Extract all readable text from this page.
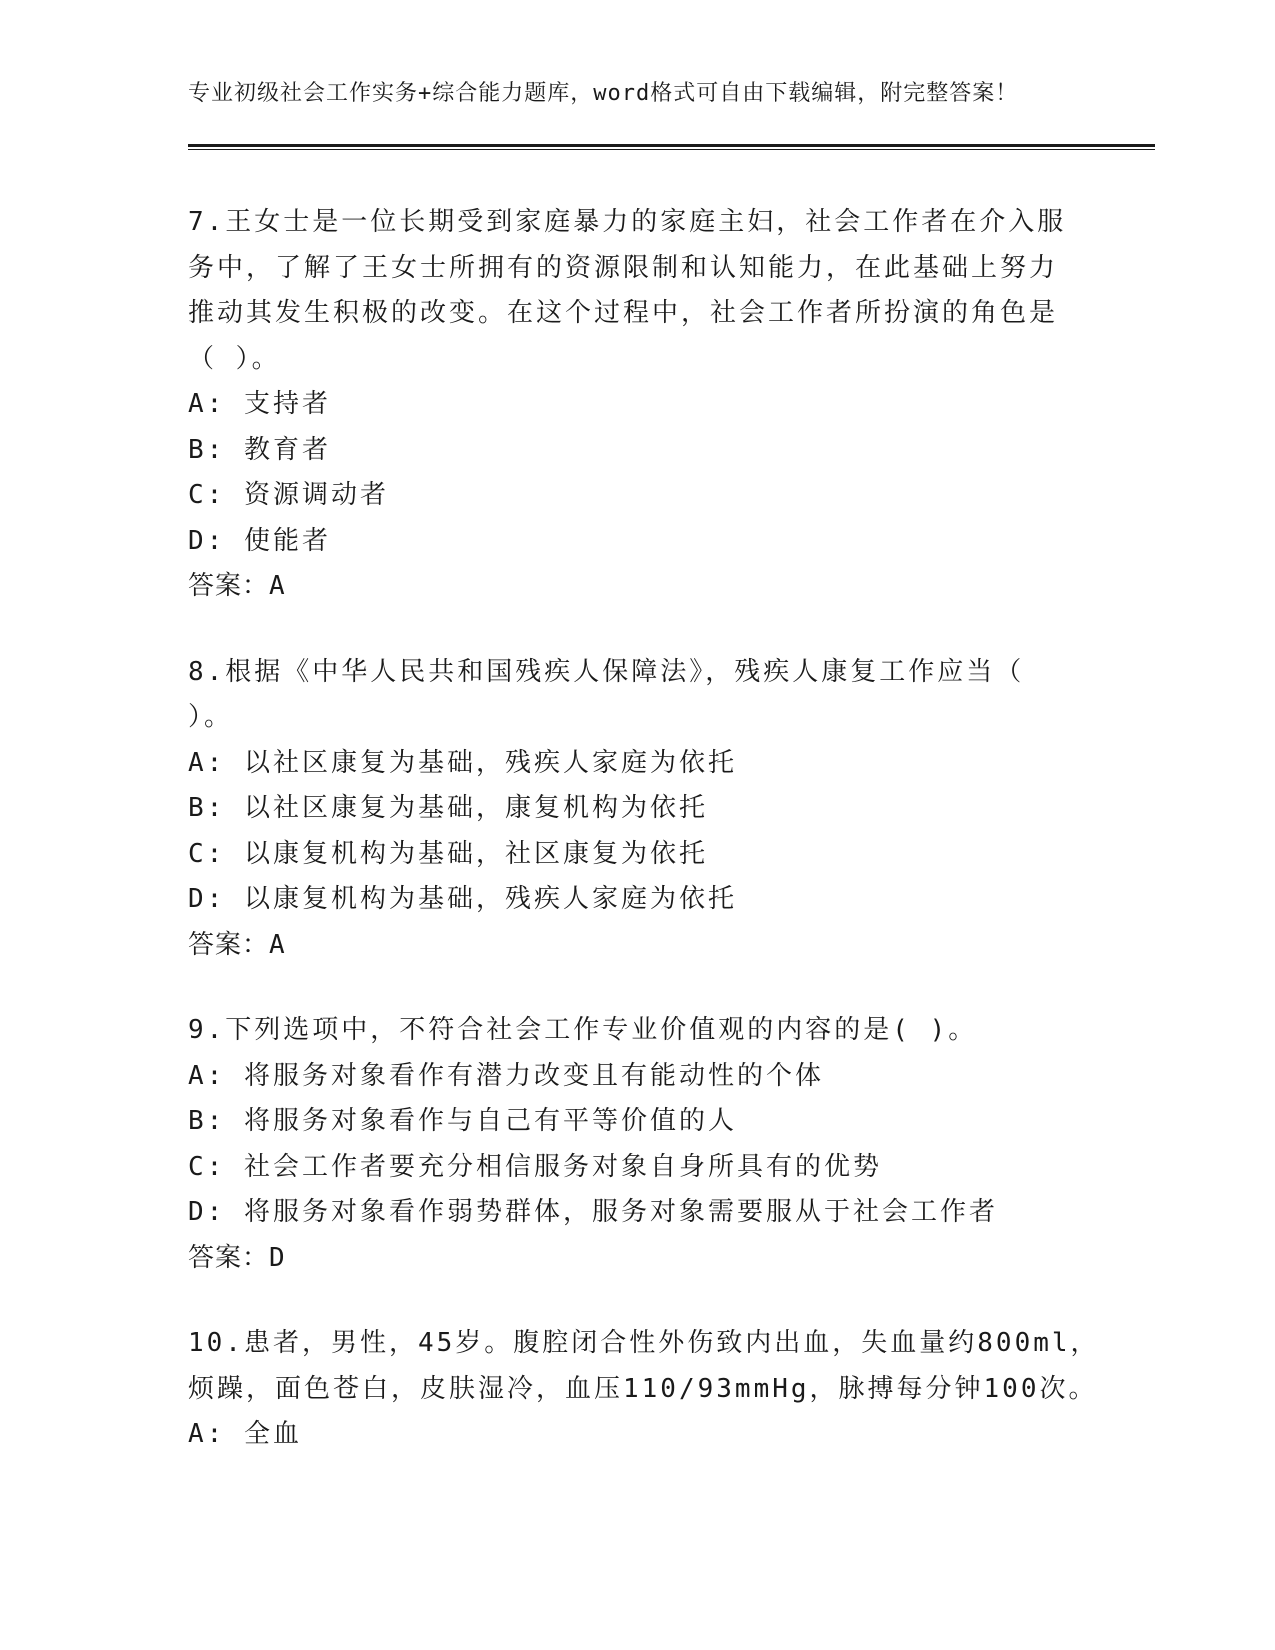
专业初级社会工作实务+综合能力题库，word格式可自由下载编辑，附完整答案！
7.王女士是一位长期受到家庭暴力的家庭主妇，社会工作者在介入服
务中，了解了王女士所拥有的资源限制和认知能力，在此基础上努力
推动其发生积极的改变。在这个过程中，社会工作者所扮演的角色是
（ ）。
A: 支持者
B: 教育者
C: 资源调动者
D: 使能者
答案：A
8.根据《中华人民共和国残疾人保障法》，残疾人康复工作应当（
）。
A: 以社区康复为基础，残疾人家庭为依托
B: 以社区康复为基础，康复机构为依托
C: 以康复机构为基础，社区康复为依托
D: 以康复机构为基础，残疾人家庭为依托
答案：A
9.下列选项中，不符合社会工作专业价值观的内容的是( )。
A: 将服务对象看作有潜力改变且有能动性的个体
B: 将服务对象看作与自己有平等价值的人
C: 社会工作者要充分相信服务对象自身所具有的优势
D: 将服务对象看作弱势群体，服务对象需要服从于社会工作者
答案：D
10.患者，男性，45岁。腹腔闭合性外伤致内出血，失血量约800ml，
烦躁，面色苍白，皮肤湿冷，血压110/93mmHg，脉搏每分钟100次。
A: 全血
